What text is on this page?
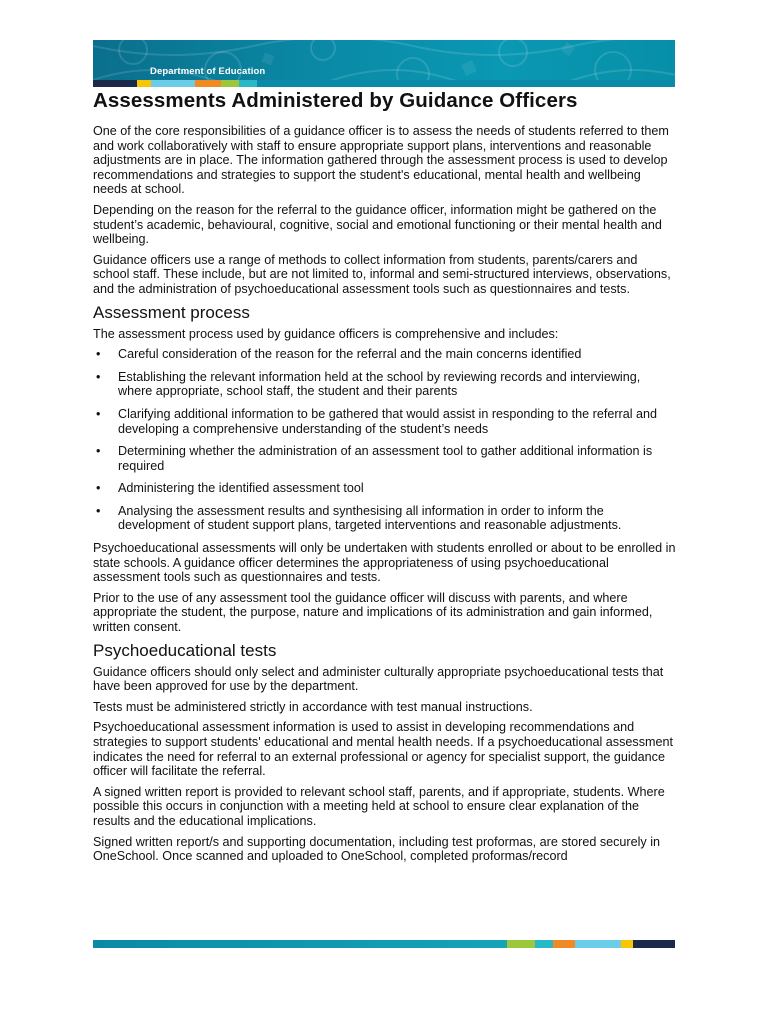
Department of Education
Assessments Administered by Guidance Officers

One of the core responsibilities of a guidance officer is to assess the needs of students referred to them and work collaboratively with staff to ensure appropriate support plans, interventions and reasonable adjustments are in place. The information gathered through the assessment process is used to develop recommendations and strategies to support the student's educational, mental health and wellbeing needs at school.

Depending on the reason for the referral to the guidance officer, information might be gathered on the student’s academic, behavioural, cognitive, social and emotional functioning or their mental health and wellbeing.

Guidance officers use a range of methods to collect information from students, parents/carers and school staff. These include, but are not limited to, informal and semi-structured interviews, observations, and the administration of psychoeducational assessment tools such as questionnaires and tests.

Assessment process

The assessment process used by guidance officers is comprehensive and includes:

• Careful consideration of the reason for the referral and the main concerns identified
• Establishing the relevant information held at the school by reviewing records and interviewing, where appropriate, school staff, the student and their parents
• Clarifying additional information to be gathered that would assist in responding to the referral and developing a comprehensive understanding of the student’s needs
• Determining whether the administration of an assessment tool to gather additional information is required
• Administering the identified assessment tool
• Analysing the assessment results and synthesising all information in order to inform the development of student support plans, targeted interventions and reasonable adjustments.

Psychoeducational assessments will only be undertaken with students enrolled or about to be enrolled in state schools. A guidance officer determines the appropriateness of using psychoeducational assessment tools such as questionnaires and tests.

Prior to the use of any assessment tool the guidance officer will discuss with parents, and where appropriate the student, the purpose, nature and implications of its administration and gain informed, written consent.

Psychoeducational tests

Guidance officers should only select and administer culturally appropriate psychoeducational tests that have been approved for use by the department.

Tests must be administered strictly in accordance with test manual instructions.

Psychoeducational assessment information is used to assist in developing recommendations and strategies to support students' educational and mental health needs. If a psychoeducational assessment indicates the need for referral to an external professional or agency for specialist support, the guidance officer will facilitate the referral.

A signed written report is provided to relevant school staff, parents, and if appropriate, students. Where possible this occurs in conjunction with a meeting held at school to ensure clear explanation of the results and the educational implications.

Signed written report/s and supporting documentation, including test proformas, are stored securely in OneSchool. Once scanned and uploaded to OneSchool, completed proformas/record
